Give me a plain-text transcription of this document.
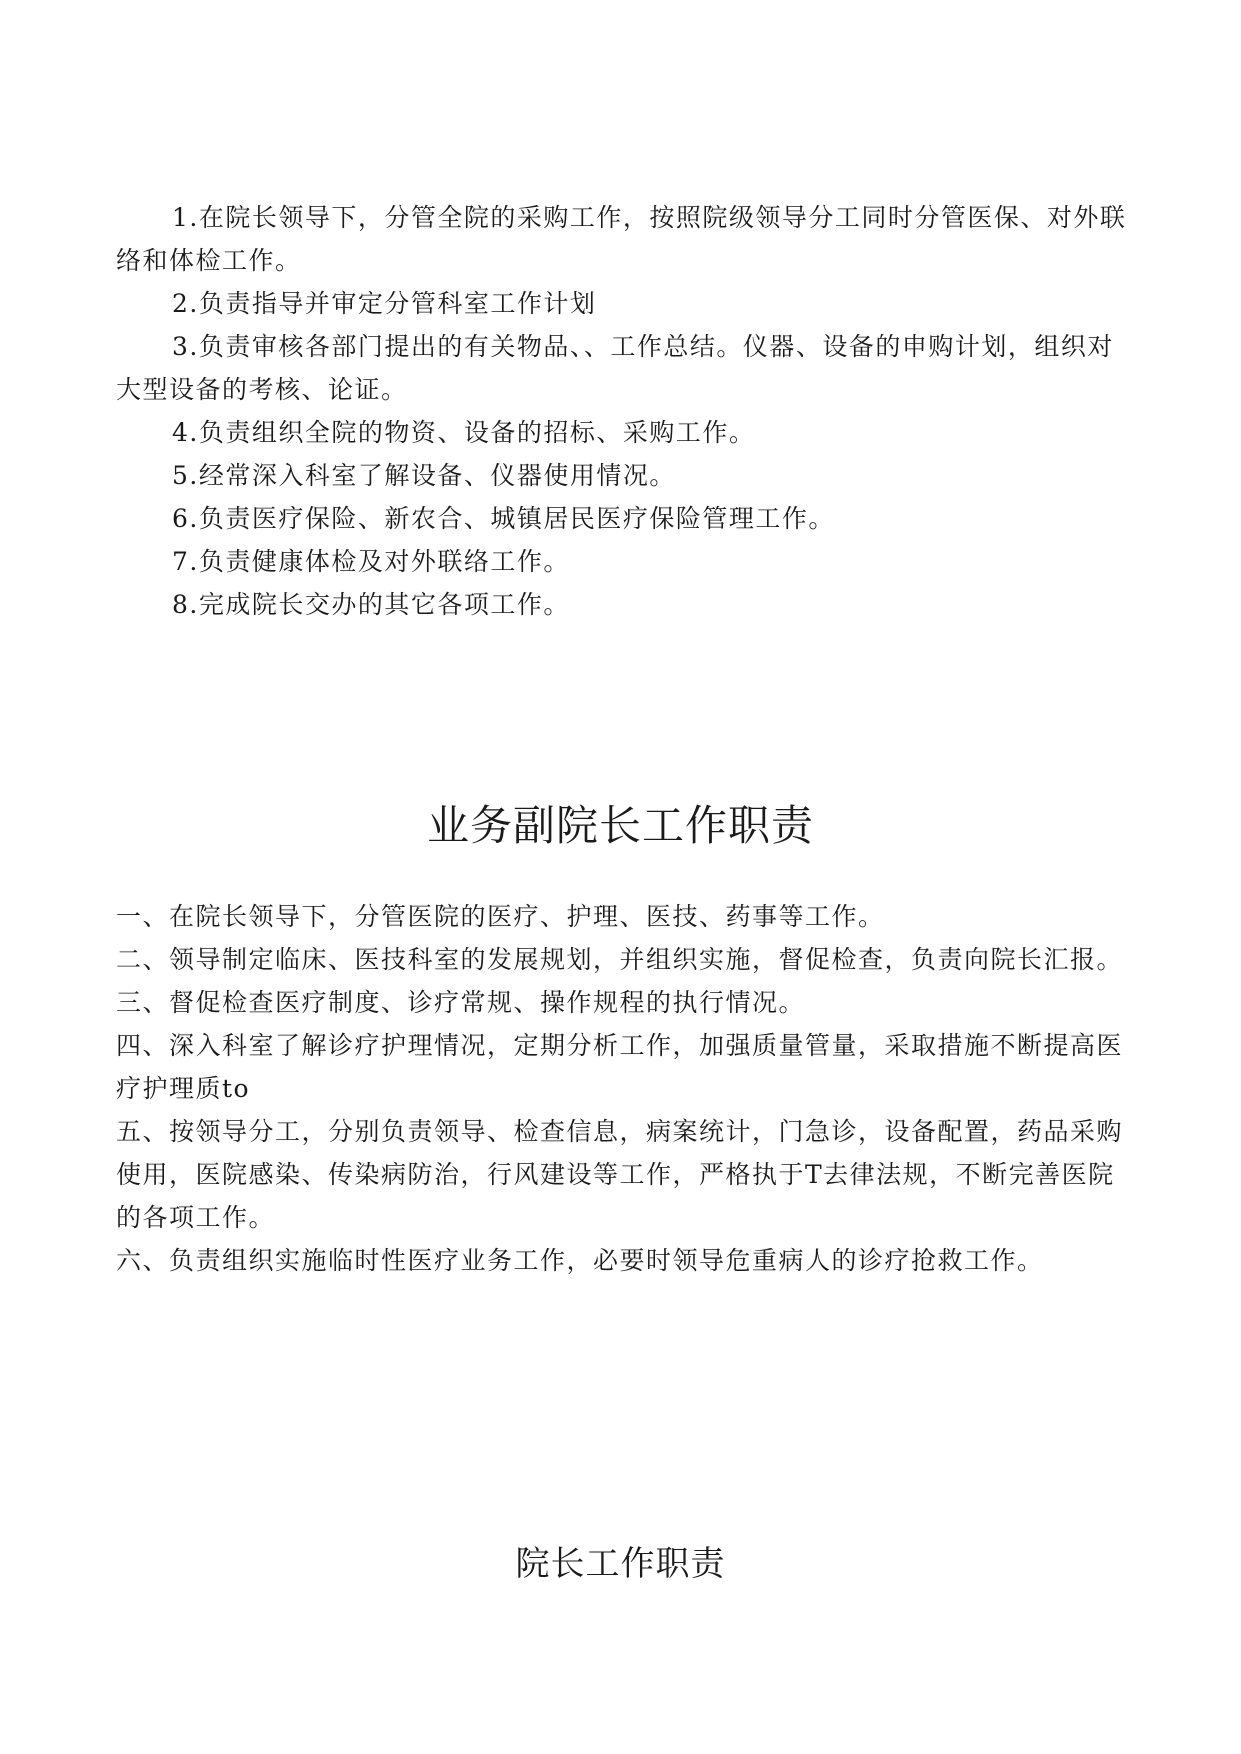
1.在院长领导下，分管全院的采购工作，按照院级领导分工同时分管医保、对外联络和体检工作。

2.负责指导并审定分管科室工作计划

3.负责审核各部门提出的有关物品、、工作总结。仪器、设备的申购计划，组织对大型设备的考核、论证。

4.负责组织全院的物资、设备的招标、采购工作。

5.经常深入科室了解设备、仪器使用情况。

6.负责医疗保险、新农合、城镇居民医疗保险管理工作。

7.负责健康体检及对外联络工作。

8.完成院长交办的其它各项工作。

业务副院长工作职责

一、在院长领导下，分管医院的医疗、护理、医技、药事等工作。

二、领导制定临床、医技科室的发展规划，并组织实施，督促检查，负责向院长汇报。

三、督促检查医疗制度、诊疗常规、操作规程的执行情况。

四、深入科室了解诊疗护理情况，定期分析工作，加强质量管量，采取措施不断提高医疗护理质to

五、按领导分工，分别负责领导、检查信息，病案统计，门急诊，设备配置，药品采购使用，医院感染、传染病防治，行风建设等工作，严格执于T去律法规，不断完善医院的各项工作。

六、负责组织实施临时性医疗业务工作，必要时领导危重病人的诊疗抢救工作。

院长工作职责
